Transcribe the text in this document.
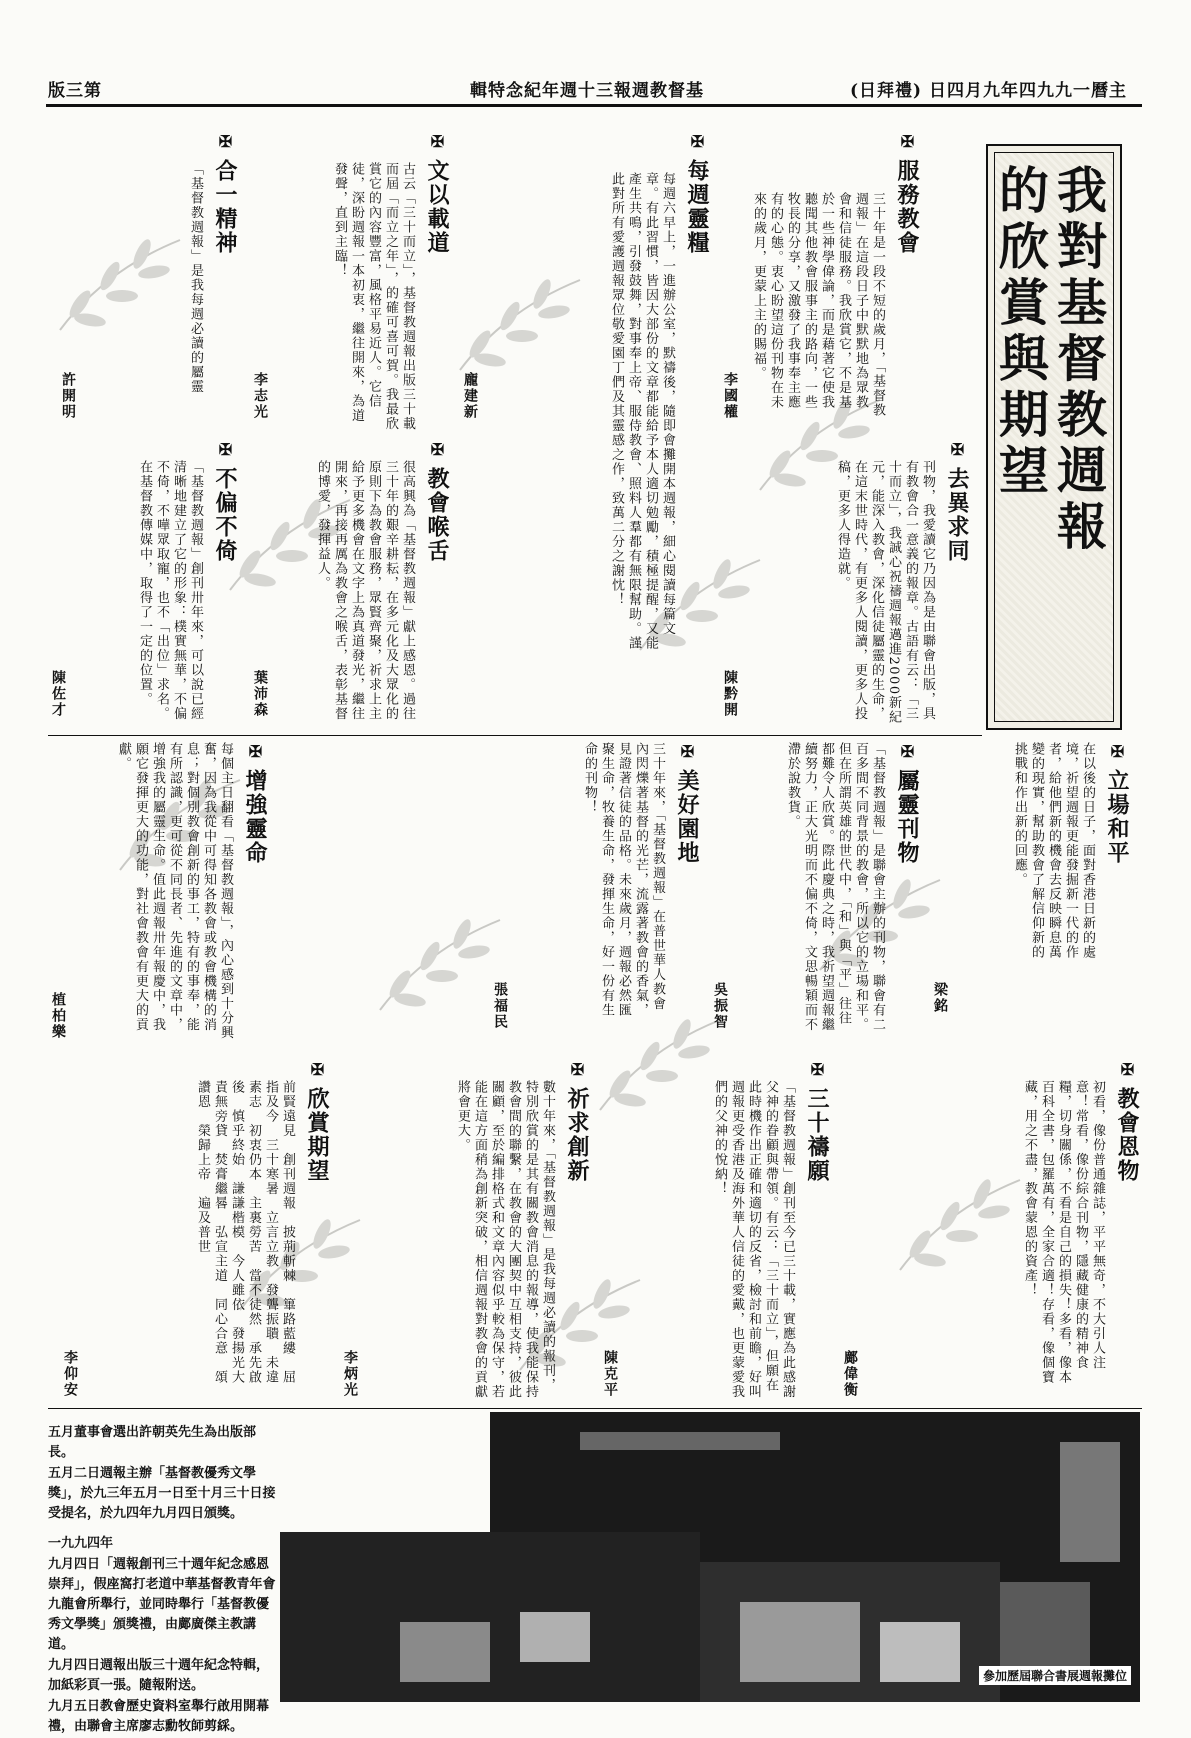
版三第	輯特念紀年週十三報週教督基	(日拜禮) 日四月九年四九九一曆主
我對基督教週報
的欣賞與期望
✠服務教會
李國權	三十年是一段不短的歲月，「基督教週報」在這段日子中默默地為眾教會和信徒服務。我欣賞它，不是基於一些神學偉論，而是藉著它使我聽聞其他教會服事主的路向，一些牧長的分享，又激發了我事奉主應有的心態。衷心盼望這份刊物在未來的歲月，更蒙上主的賜福。
✠去異求同
陳黔開	刊物，我愛讀它乃因為是由聯會出版，具有教會合一意義的報章。古語有云：「三十而立」，我誠心祝禱週報邁進2000新紀元，能深入教會，深化信徒屬靈的生命，在這末世時代，有更多人閱讀，更多人投稿，更多人得造就。
✠每週靈糧
龐建新	每週六早上，一進辦公室，默禱後，隨即會攤開本週報，細心閱讀每篇文章。有此習慣，皆因大部份的文章都能給予本人適切勉勵，積極提醒，又能產生共鳴，引發鼓舞，對事奉上帝、服侍教會、照料人羣都有無限幫助。謹此對所有愛護週報眾位敬愛園丁們及其靈感之作，致萬二分之謝忱！
✠教會喉舌
葉沛森	很高興為「基督教週報」獻上感恩。過往三十年的艱辛耕耘，在多元化及大眾化的原則下為教會服務，眾賢齊聚，祈求上主給予更多機會在文字上為真道發光，繼往開來，再接再厲為教會之喉舌，表彰基督的博愛，發揮益人。
✠文以載道
李志光	古云「三十而立」，基督教週報出版三十載而屆「而立之年」，的確可喜可賀。我最欣賞它的內容豐富，風格平易近人。它信徒，深盼週報一本初衷，繼往開來，為道發聲，直到主臨！
✠合一精神
許開明
「基督教週報」是我每週必讀的屬靈
✠不偏不倚
陳佐才	「基督教週報」創刊卅年來，可以說已經清晰地建立了它的形象：樸實無華，不偏不倚，不嘩眾取寵，也不「出位」求名。在基督教傳媒中，取得了一定的位置。
✠立場和平
梁銘
在以後的日子，面對香港日新的處境，祈望週報更能發掘新一代的作者，給他們新的機會去反映瞬息萬變的現實，幫助教會了解信仰新的挑戰和作出新的回應。
✠屬靈刊物
吳振智	「基督教週報」是聯會主辦的刊物，聯會有二百多間不同背景的教會，所以它的立場和平。但在所謂英雄的世代中，「和」與「平」往往都難令人欣賞。際此慶典之時，我祈望週報繼續努力，正大光明而不偏不倚，文思暢穎而不滯於說教貨。
✠美好園地
張福民	三十年來，「基督教週報」在普世華人教會內閃爍著基督的光芒，流露著教會的香氣，見證著信徒的品格。未來歲月，週報必然匯聚生命，牧養生命，發揮生命，好一份有生命的刊物！
✠增強靈命
植柏樂	每個主日翻看「基督教週報」，內心感到十分興奮，因為我從中可得知各教會或教會機構的消息；對個別教會創新的事工，特有的事奉，能有所認識，更可從不同長者、先進的文章中，增強我的屬靈生命。值此週報卅年報慶中，我願它發揮更大的功能，對社會教會有更大的貢獻。
✠祈求創新
李炳光	數十年來，「基督教週報」是我每週必讀的報刊，特別欣賞的是其有關教會消息的報導，使我能保持教會間的聯繫，在教會的大團契中互相支持，彼此關顧，至於編排格式和文章內容似乎較為保守，若能在這方面稍為創新突破，相信週報對教會的貢獻將會更大。
✠三十禱願
陳克平	「基督教週報」創刊至今已三十載，實應為此感謝父神的眷顧與帶領。有云：「三十而立」，但願在此時機作出正確和適切的反省，檢討和前瞻，好叫週報更受香港及海外華人信徒的愛戴，也更蒙愛我們的父神的悅納！
✠欣賞期望
李仰安	前賢遠見　創刊週報　披荊斬棘　篳路藍縷　屈指及今　三十寒暑　立言立教　發聾振聵　未違素志　初衷仍本　主裏勞苦　當不徒然　承先啟後　慎乎終始　謙謙楷模　今人雖依　發揚光大　責無旁貸　焚膏繼晷　弘宣主道　同心合意　頌讚恩　榮歸上帝　遍及普世
✠教會恩物
鄺偉衡
初看，像份普通雜誌，平平無奇，不大引人注意！常看，像份綜合刊物，隱藏健康的精神食糧，切身關係，不看是自己的損失！多看，像本百科全書，包羅萬有，全家合適！存看，像個寶藏，用之不盡，教會蒙恩的資產！

五月董事會選出許朝英先生為出版部長。

五月二日週報主辦「基督教優秀文學獎」，於九三年五月一日至十月三十日接受提名，於九四年九月四日頒獎。

一九九四年

九月四日「週報創刊三十週年紀念感恩崇拜」，假座窩打老道中華基督教青年會九龍會所舉行，並同時舉行「基督教優秀文學獎」頒獎禮，由鄺廣傑主教講道。

九月四日週報出版三十週年紀念特輯，加紙彩頁一張。隨報附送。

九月五日教會歷史資料室舉行啟用開幕禮，由聯會主席廖志勳牧師剪綵。

參加歷屆聯合書展週報攤位
